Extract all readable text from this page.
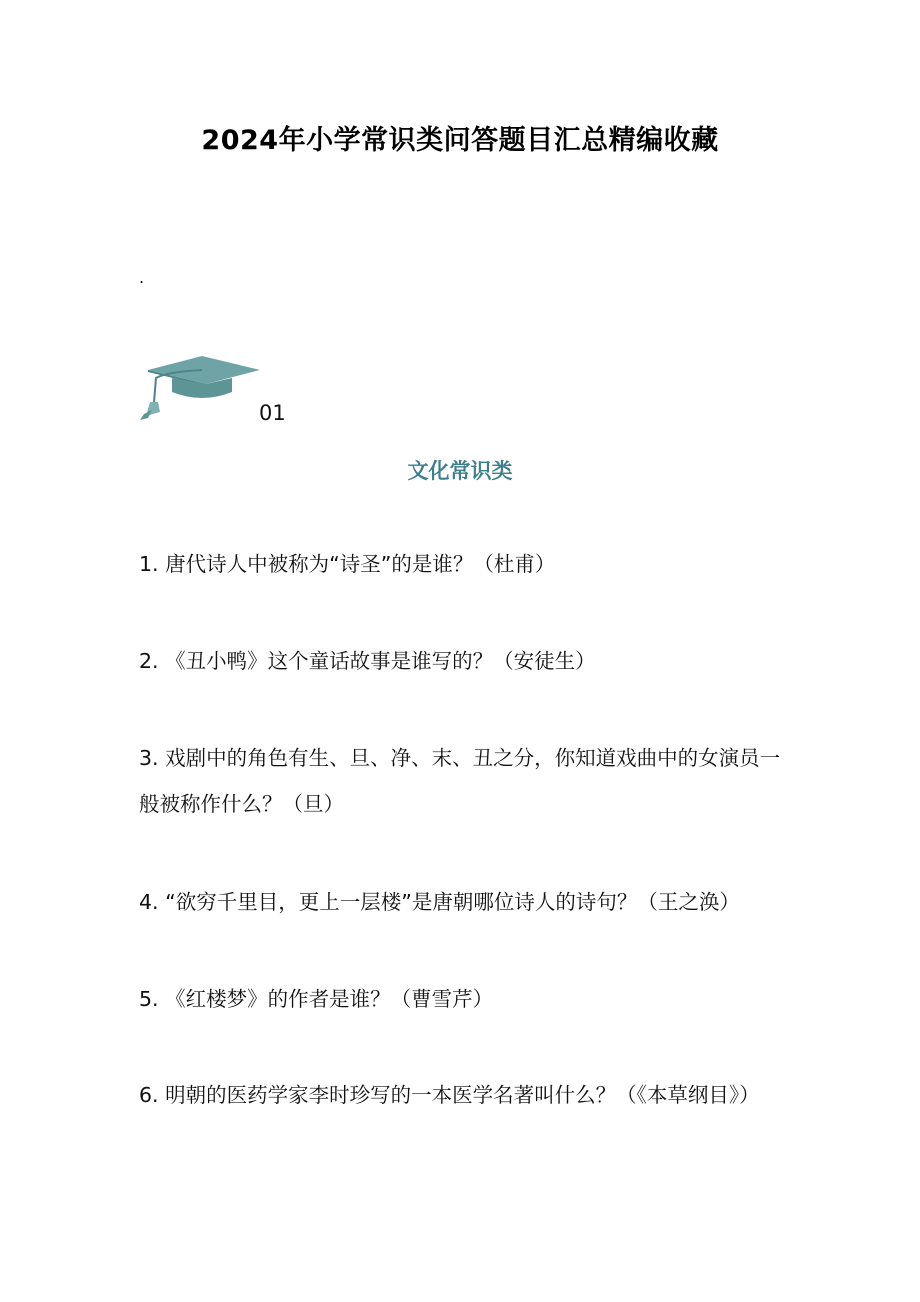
2024年小学常识类问答题目汇总精编收藏
.
01
文化常识类
1. 唐代诗人中被称为“诗圣”的是谁？（杜甫）
2. 《丑小鸭》这个童话故事是谁写的？（安徒生）
3. 戏剧中的角色有生、旦、净、末、丑之分，你知道戏曲中的女演员一般被称作什么？（旦）
4. “欲穷千里目，更上一层楼”是唐朝哪位诗人的诗句？（王之涣）
5. 《红楼梦》的作者是谁？（曹雪芹）
6. 明朝的医药学家李时珍写的一本医学名著叫什么？（《本草纲目》）
